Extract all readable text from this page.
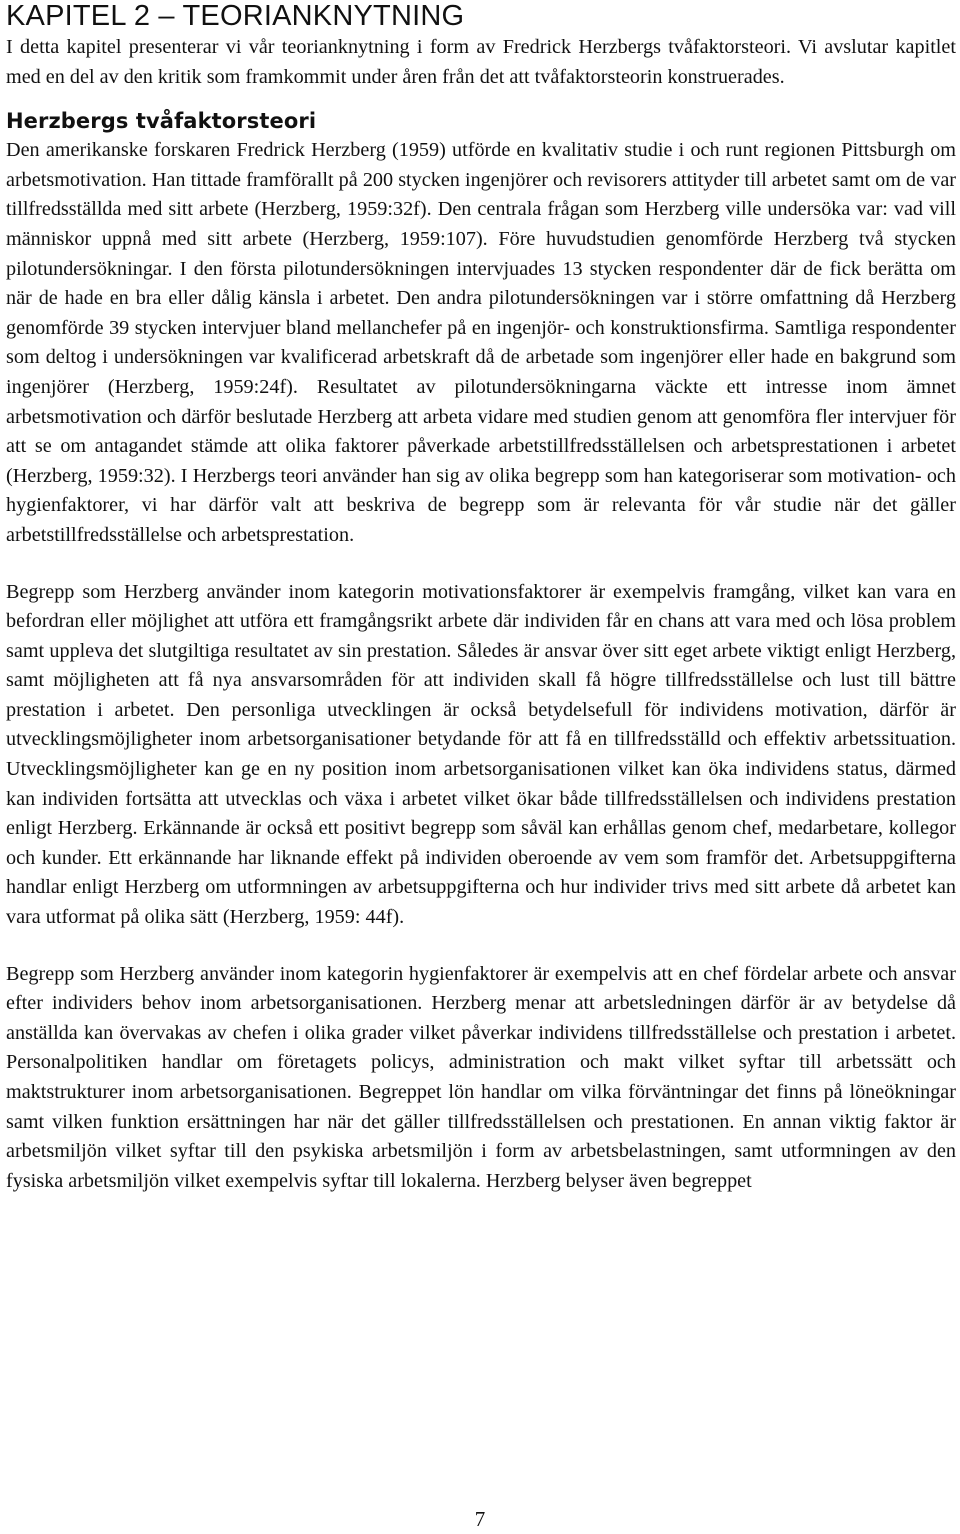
KAPITEL 2 – TEORIANKNYTNING

I detta kapitel presenterar vi vår teorianknytning i form av Fredrick Herzbergs tvåfaktorsteori. Vi avslutar kapitlet med en del av den kritik som framkommit under åren från det att tvåfaktorsteorin konstruerades.

Herzbergs tvåfaktorsteori

Den amerikanske forskaren Fredrick Herzberg (1959) utförde en kvalitativ studie i och runt regionen Pittsburgh om arbetsmotivation. Han tittade framförallt på 200 stycken ingenjörer och revisorers attityder till arbetet samt om de var tillfredsställda med sitt arbete (Herzberg, 1959:32f). Den centrala frågan som Herzberg ville undersöka var: vad vill människor uppnå med sitt arbete (Herzberg, 1959:107). Före huvudstudien genomförde Herzberg två stycken pilotundersökningar. I den första pilotundersökningen intervjuades 13 stycken respondenter där de fick berätta om när de hade en bra eller dålig känsla i arbetet. Den andra pilotundersökningen var i större omfattning då Herzberg genomförde 39 stycken intervjuer bland mellanchefer på en ingenjör- och konstruktionsfirma. Samtliga respondenter som deltog i undersökningen var kvalificerad arbetskraft då de arbetade som ingenjörer eller hade en bakgrund som ingenjörer (Herzberg, 1959:24f). Resultatet av pilotundersökningarna väckte ett intresse inom ämnet arbetsmotivation och därför beslutade Herzberg att arbeta vidare med studien genom att genomföra fler intervjuer för att se om antagandet stämde att olika faktorer påverkade arbetstillfredsställelsen och arbetsprestationen i arbetet (Herzberg, 1959:32). I Herzbergs teori använder han sig av olika begrepp som han kategoriserar som motivation- och hygienfaktorer, vi har därför valt att beskriva de begrepp som är relevanta för vår studie när det gäller arbetstillfredsställelse och arbetsprestation.

Begrepp som Herzberg använder inom kategorin motivationsfaktorer är exempelvis framgång, vilket kan vara en befordran eller möjlighet att utföra ett framgångsrikt arbete där individen får en chans att vara med och lösa problem samt uppleva det slutgiltiga resultatet av sin prestation. Således är ansvar över sitt eget arbete viktigt enligt Herzberg, samt möjligheten att få nya ansvarsområden för att individen skall få högre tillfredsställelse och lust till bättre prestation i arbetet. Den personliga utvecklingen är också betydelsefull för individens motivation, därför är utvecklingsmöjligheter inom arbetsorganisationer betydande för att få en tillfredsställd och effektiv arbetssituation. Utvecklingsmöjligheter kan ge en ny position inom arbetsorganisationen vilket kan öka individens status, därmed kan individen fortsätta att utvecklas och växa i arbetet vilket ökar både tillfredsställelsen och individens prestation enligt Herzberg. Erkännande är också ett positivt begrepp som såväl kan erhållas genom chef, medarbetare, kollegor och kunder. Ett erkännande har liknande effekt på individen oberoende av vem som framför det. Arbetsuppgifterna handlar enligt Herzberg om utformningen av arbetsuppgifterna och hur individer trivs med sitt arbete då arbetet kan vara utformat på olika sätt (Herzberg, 1959: 44f).

Begrepp som Herzberg använder inom kategorin hygienfaktorer är exempelvis att en chef fördelar arbete och ansvar efter individers behov inom arbetsorganisationen. Herzberg menar att arbetsledningen därför är av betydelse då anställda kan övervakas av chefen i olika grader vilket påverkar individens tillfredsställelse och prestation i arbetet. Personalpolitiken handlar om företagets policys, administration och makt vilket syftar till arbetssätt och maktstrukturer inom arbetsorganisationen. Begreppet lön handlar om vilka förväntningar det finns på löneökningar samt vilken funktion ersättningen har när det gäller tillfredsställelsen och prestationen. En annan viktig faktor är arbetsmiljön vilket syftar till den psykiska arbetsmiljön i form av arbetsbelastningen, samt utformningen av den fysiska arbetsmiljön vilket exempelvis syftar till lokalerna. Herzberg belyser även begreppet

7
